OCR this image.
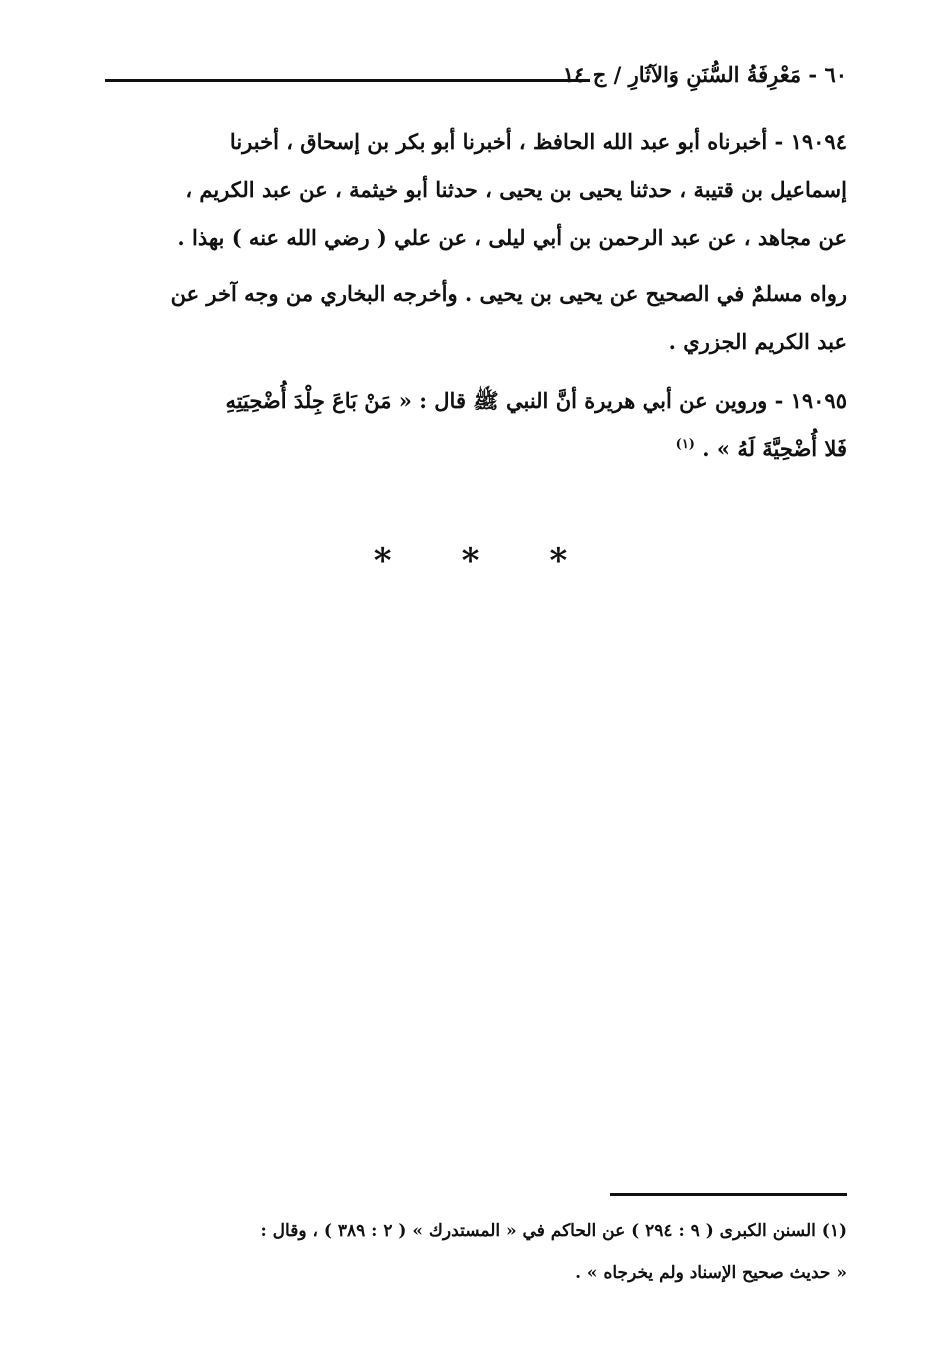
٦٠ - مَعْرِفَةُ السُّنَنِ وَالآثَارِ / ج ١٤
١٩٠٩٤ - أخبرناه أبو عبد الله الحافظ ، أخبرنا أبو بكر بن إسحاق ، أخبرنا
إسماعيل بن قتيبة ، حدثنا يحيى بن يحيى ، حدثنا أبو خيثمة ، عن عبد الكريم ،
عن مجاهد ، عن عبد الرحمن بن أبي ليلى ، عن علي ( رضي الله عنه ) بهذا .
رواه مسلمٌ في الصحيح عن يحيى بن يحيى . وأخرجه البخاري من وجه آخر عن
عبد الكريم الجزري .
١٩٠٩٥ - وروين عن أبي هريرة أنَّ النبي ﷺ قال : « مَنْ بَاعَ جِلْدَ أُضْحِيَتِهِ
فَلا أُضْحِيَّةَ لَهُ » . $^{(١)}$
* * *
(١) السنن الكبرى ( ٩ : ٢٩٤ ) عن الحاكم في « المستدرك » ( ٢ : ٣٨٩ ) ، وقال :
« حديث صحيح الإسناد ولم يخرجاه » .
